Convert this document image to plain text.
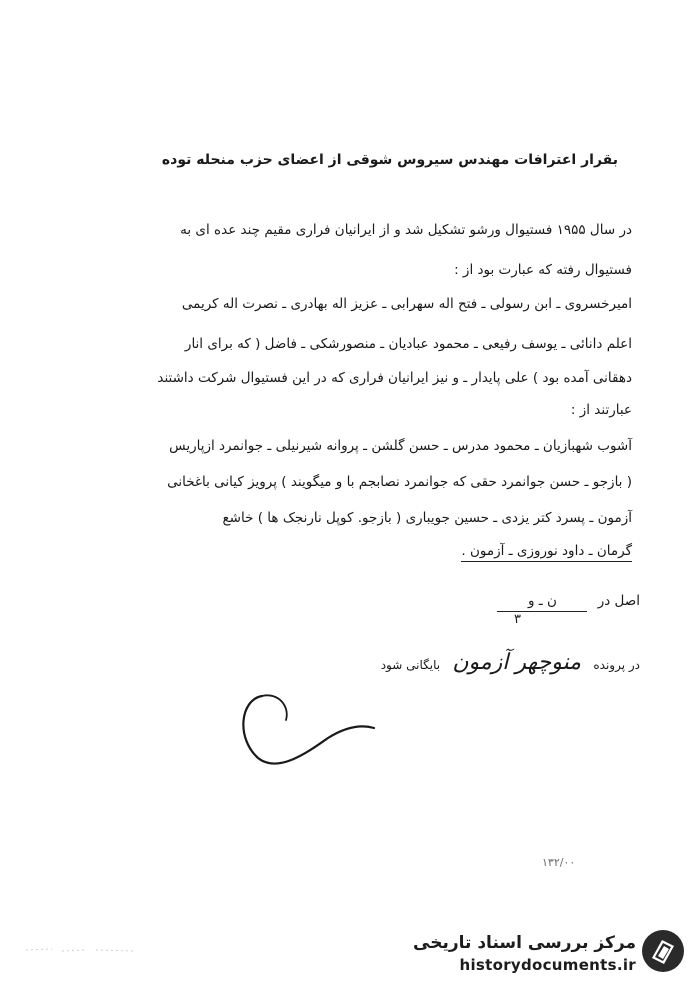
بقرار اعترافات مهندس سیروس شوقی از اعضای حزب منحله توده
در سال ۱۹۵۵ فستیوال ورشو تشکیل شد و از ایرانیان فراری مقیم چند عده ای به
فستیوال رفته که عبارت بود از :
امیرخسروی ـ ابن رسولی ـ فتح اله سهرابی ـ عزیز اله بهادری ـ نصرت اله کریمی
اعلم دانائی ـ یوسف رفیعی ـ محمود عبادیان ـ منصورشکی ـ فاضل ( که برای انار
دهقانی آمده بود ) علی پایدار ـ و نیز ایرانیان فراری که در این فستیوال شرکت داشتند
عبارتند از :
آشوب شهبازیان ـ محمود مدرس ـ حسن گلشن ـ پروانه شیرنیلی ـ جوانمرد ازپاریس
( بازجو ـ حسن جوانمرد حقی که جوانمرد نصابجم با و میگویند ) پرویز کیانی باغخانی
آزمون ـ پسرد کتر یزدی ـ حسین جویباری ( بازجو. کوپل نارنجک ها ) خاشع
گرمان ـ داود نوروزی ـ آزمون .
اصل در ن ـ و
۳
در پرونده منوچهر آزمون بایگانی شود
۱۳۲/۰۰
مرکز بررسی اسناد تاریخی
historydocuments.ir
